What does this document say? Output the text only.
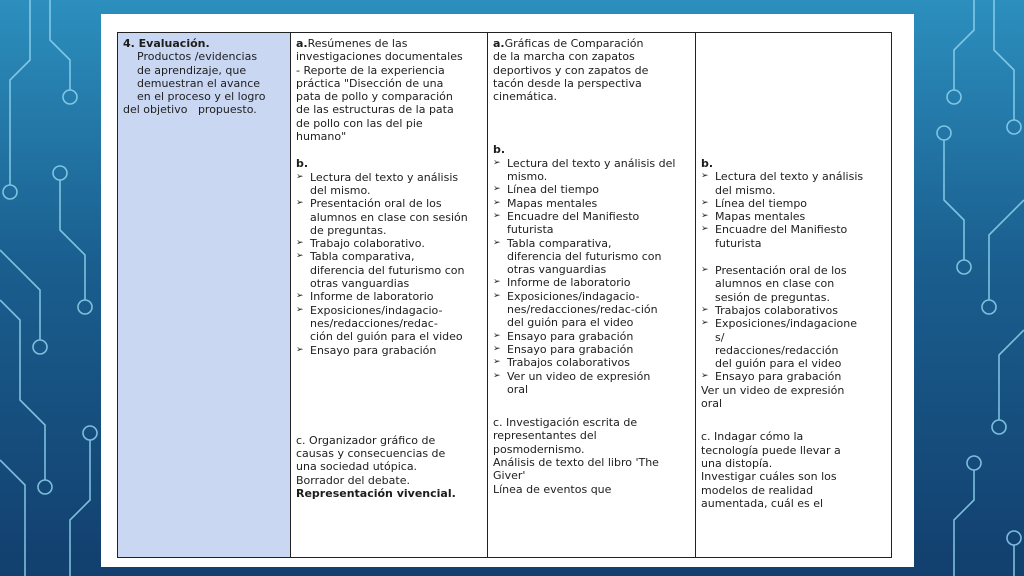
4. Evaluación.
Productos /evidencias
de aprendizaje, que
demuestran el avance
en el proceso y el logro
del objetivo   propuesto.

a.Resúmenes de las
investigaciones documentales
- Reporte de la experiencia
práctica "Disección de una
pata de pollo y comparación
de las estructuras de la pata
de pollo con las del pie
humano"
b.
➢ Lectura del texto y análisis
del mismo.
➢ Presentación oral de los
alumnos en clase con sesión
de preguntas.
➢ Trabajo colaborativo.
➢ Tabla comparativa,
diferencia del futurismo con
otras vanguardias
➢ Informe de laboratorio
➢ Exposiciones/indagacio-
nes/redacciones/redac-
ción del guión para el video
➢ Ensayo para grabación
c. Organizador gráfico de
causas y consecuencias de
una sociedad utópica.
Borrador del debate.
Representación vivencial.

a.Gráficas de Comparación
de la marcha con zapatos
deportivos y con zapatos de
tacón desde la perspectiva
cinemática.
b.
➢ Lectura del texto y análisis del
mismo.
➢ Línea del tiempo
➢ Mapas mentales
➢ Encuadre del Manifiesto
futurista
➢ Tabla comparativa,
diferencia del futurismo con
otras vanguardias
➢ Informe de laboratorio
➢ Exposiciones/indagacio-
nes/redacciones/redac-ción
del guión para el video
➢ Ensayo para grabación
➢ Ensayo para grabación
➢ Trabajos colaborativos
➢ Ver un video de expresión
oral
c. Investigación escrita de
representantes del
posmodernismo.
Análisis de texto del libro 'The
Giver'
Línea de eventos que

b.
➢ Lectura del texto y análisis
del mismo.
➢ Línea del tiempo
➢ Mapas mentales
➢ Encuadre del Manifiesto
futurista
➢ Presentación oral de los
alumnos en clase con
sesión de preguntas.
➢ Trabajos colaborativos
➢ Exposiciones/indagacione
s/
redacciones/redacción
del guión para el video
➢ Ensayo para grabación
Ver un video de expresión
oral
c. Indagar cómo la
tecnología puede llevar a
una distopía.
Investigar cuáles son los
modelos de realidad
aumentada, cuál es el
